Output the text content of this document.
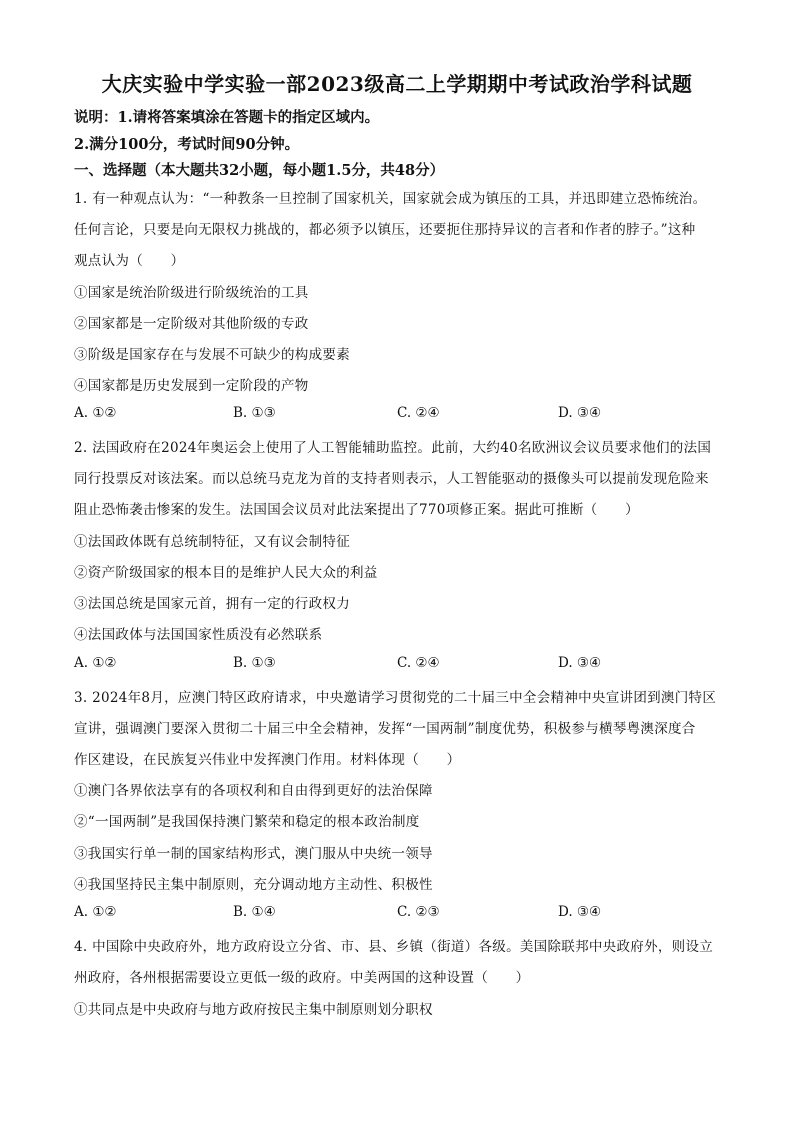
大庆实验中学实验一部2023级高二上学期期中考试政治学科试题
说明：1.请将答案填涂在答题卡的指定区域内。
2.满分100分，考试时间90分钟。
一、选择题（本大题共32小题，每小题1.5分，共48分）
1. 有一种观点认为：“一种教条一旦控制了国家机关，国家就会成为镇压的工具，并迅即建立恐怖统治。
任何言论，只要是向无限权力挑战的，都必须予以镇压，还要扼住那持异议的言者和作者的脖子。”这种
观点认为（　　）
①国家是统治阶级进行阶级统治的工具
②国家都是一定阶级对其他阶级的专政
③阶级是国家存在与发展不可缺少的构成要素
④国家都是历史发展到一定阶段的产物
A. ①②	B. ①③	C. ②④	D. ③④
2. 法国政府在2024年奥运会上使用了人工智能辅助监控。此前，大约40名欧洲议会议员要求他们的法国
同行投票反对该法案。而以总统马克龙为首的支持者则表示，人工智能驱动的摄像头可以提前发现危险来
阻止恐怖袭击惨案的发生。法国国会议员对此法案提出了770项修正案。据此可推断（　　）
①法国政体既有总统制特征，又有议会制特征
②资产阶级国家的根本目的是维护人民大众的利益
③法国总统是国家元首，拥有一定的行政权力
④法国政体与法国国家性质没有必然联系
A. ①②	B. ①③	C. ②④	D. ③④
3. 2024年8月，应澳门特区政府请求，中央邀请学习贯彻党的二十届三中全会精神中央宣讲团到澳门特区
宣讲，强调澳门要深入贯彻二十届三中全会精神，发挥“一国两制”制度优势，积极参与横琴粤澳深度合
作区建设，在民族复兴伟业中发挥澳门作用。材料体现（　　）
①澳门各界依法享有的各项权利和自由得到更好的法治保障
②“一国两制”是我国保持澳门繁荣和稳定的根本政治制度
③我国实行单一制的国家结构形式，澳门服从中央统一领导
④我国坚持民主集中制原则，充分调动地方主动性、积极性
A. ①②	B. ①④	C. ②③	D. ③④
4. 中国除中央政府外，地方政府设立分省、市、县、乡镇（街道）各级。美国除联邦中央政府外，则设立
州政府，各州根据需要设立更低一级的政府。中美两国的这种设置（　　）
①共同点是中央政府与地方政府按民主集中制原则划分职权
